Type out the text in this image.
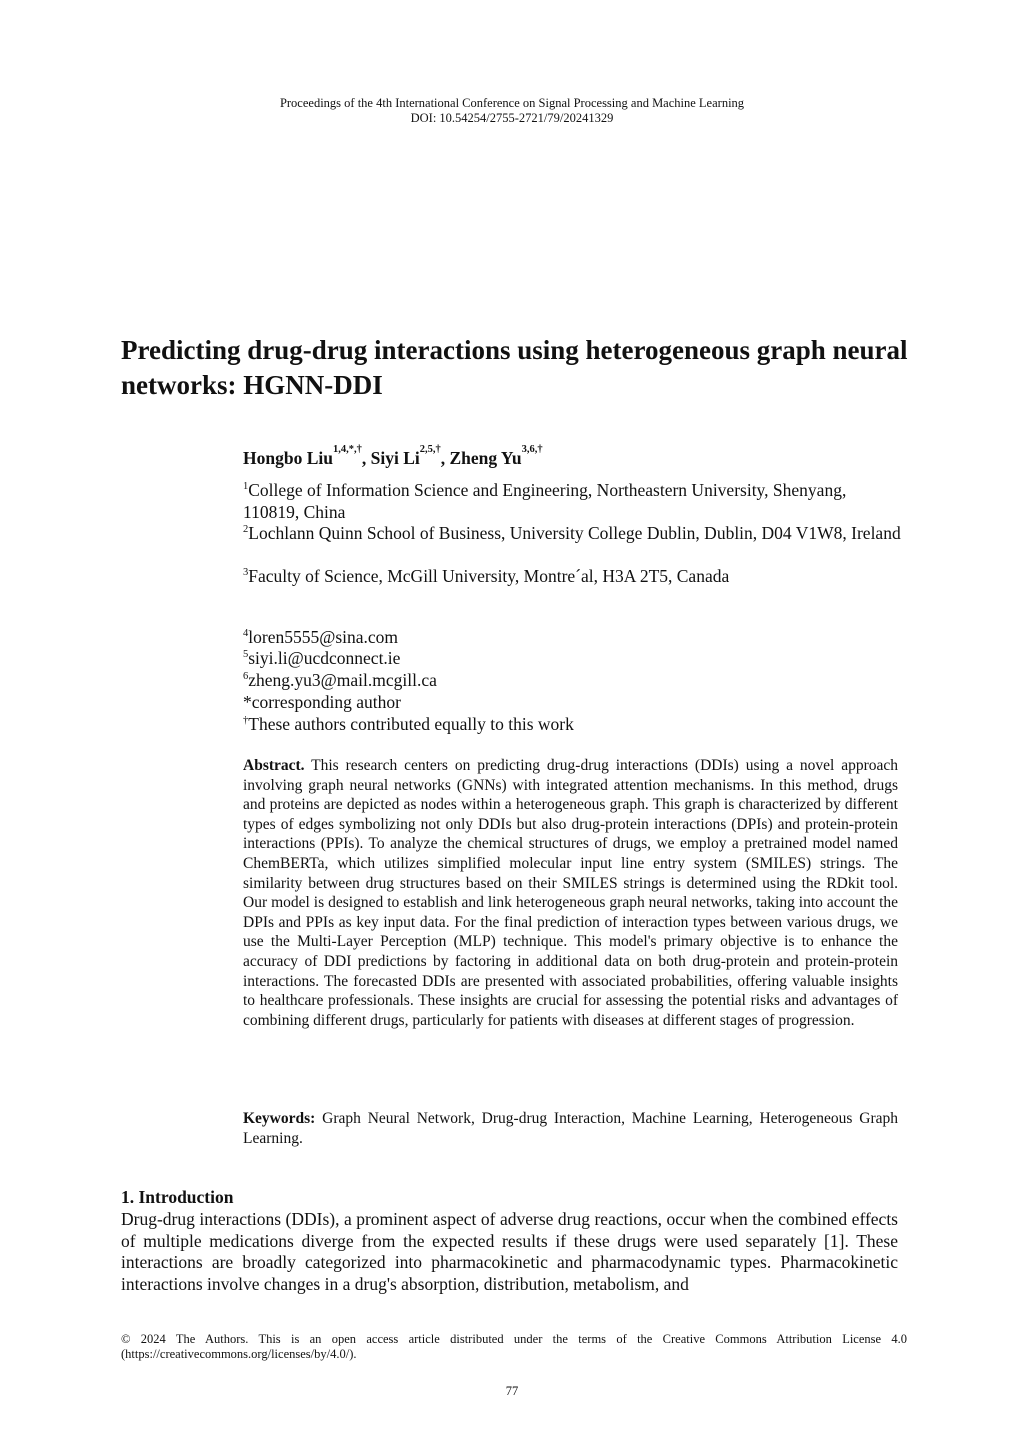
Proceedings of the 4th International Conference on Signal Processing and Machine Learning
DOI: 10.54254/2755-2721/79/20241329
Predicting drug-drug interactions using heterogeneous graph neural networks: HGNN-DDI
Hongbo Liu$^{1,4,*,\dagger}$, Siyi $Li^{2,5,\dagger}$, Zheng $Yu^{3,6,\dagger}$
$^1$College of Information Science and Engineering, Northeastern University, Shenyang, 110819, China
$^2$Lochlann Quinn School of Business, University College Dublin, Dublin, D04 V1W8, Ireland
$^3$Faculty of Science, McGill University, Montre´al, H3A 2T5, Canada
$^4$loren5555@sina.com
$^5$siyi.li@ucdconnect.ie
$^6$zheng.yu3@mail.mcgill.ca
*corresponding author
†These authors contributed equally to this work
Abstract. This research centers on predicting drug-drug interactions (DDIs) using a novel approach involving graph neural networks (GNNs) with integrated attention mechanisms. In this method, drugs and proteins are depicted as nodes within a heterogeneous graph. This graph is characterized by different types of edges symbolizing not only DDIs but also drug-protein interactions (DPIs) and protein-protein interactions (PPIs). To analyze the chemical structures of drugs, we employ a pretrained model named ChemBERTa, which utilizes simplified molecular input line entry system (SMILES) strings. The similarity between drug structures based on their SMILES strings is determined using the RDkit tool. Our model is designed to establish and link heterogeneous graph neural networks, taking into account the DPIs and PPIs as key input data. For the final prediction of interaction types between various drugs, we use the Multi-Layer Perception (MLP) technique. This model's primary objective is to enhance the accuracy of DDI predictions by factoring in additional data on both drug-protein and protein-protein interactions. The forecasted DDIs are presented with associated probabilities, offering valuable insights to healthcare professionals. These insights are crucial for assessing the potential risks and advantages of combining different drugs, particularly for patients with diseases at different stages of progression.
Keywords: Graph Neural Network, Drug-drug Interaction, Machine Learning, Heterogeneous Graph Learning.
1. Introduction
Drug-drug interactions (DDIs), a prominent aspect of adverse drug reactions, occur when the combined effects of multiple medications diverge from the expected results if these drugs were used separately [1]. These interactions are broadly categorized into pharmacokinetic and pharmacodynamic types. Pharmacokinetic interactions involve changes in a drug's absorption, distribution, metabolism, and
© 2024 The Authors. This is an open access article distributed under the terms of the Creative Commons Attribution License 4.0 (https://creativecommons.org/licenses/by/4.0/).
77
